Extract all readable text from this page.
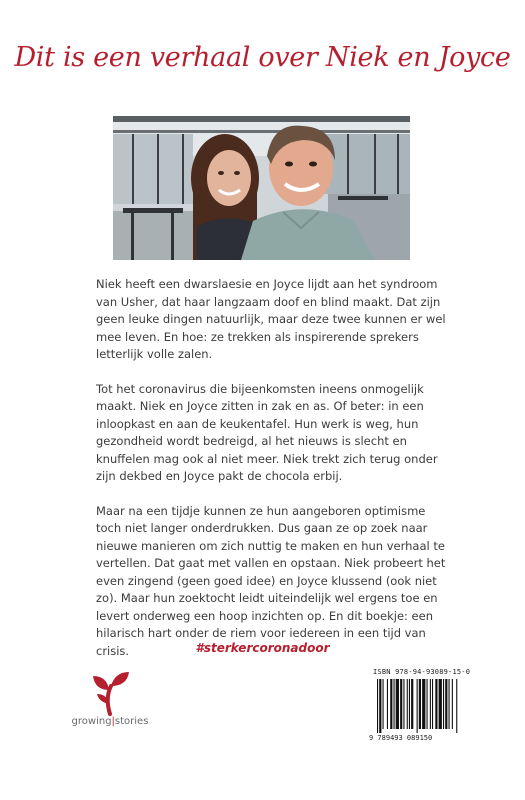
Dit is een verhaal over Niek en Joyce

Niek heeft een dwarslaesie en Joyce lijdt aan het syndroom van Usher, dat haar langzaam doof en blind maakt. Dat zijn geen leuke dingen natuurlijk, maar deze twee kunnen er wel mee leven. En hoe: ze trekken als inspirerende sprekers letterlijk volle zalen.

Tot het coronavirus die bijeenkomsten ineens onmogelijk maakt. Niek en Joyce zitten in zak en as. Of beter: in een inloopkast en aan de keukentafel. Hun werk is weg, hun gezondheid wordt bedreigd, al het nieuws is slecht en knuffelen mag ook al niet meer. Niek trekt zich terug onder zijn dekbed en Joyce pakt de chocola erbij.

Maar na een tijdje kunnen ze hun aangeboren optimisme toch niet langer onderdrukken. Dus gaan ze op zoek naar nieuwe manieren om zich nuttig te maken en hun verhaal te vertellen. Dat gaat met vallen en opstaan. Niek probeert het even zingend (geen goed idee) en Joyce klussend (ook niet zo). Maar hun zoektocht leidt uiteindelijk wel ergens toe en levert onderweg een hoop inzichten op. En dit boekje: een hilarisch hart onder de riem voor iedereen in een tijd van crisis.	#sterkercoronadoor
growing|stories
ISBN 978-94-93089-15-0
9 789493 089150
